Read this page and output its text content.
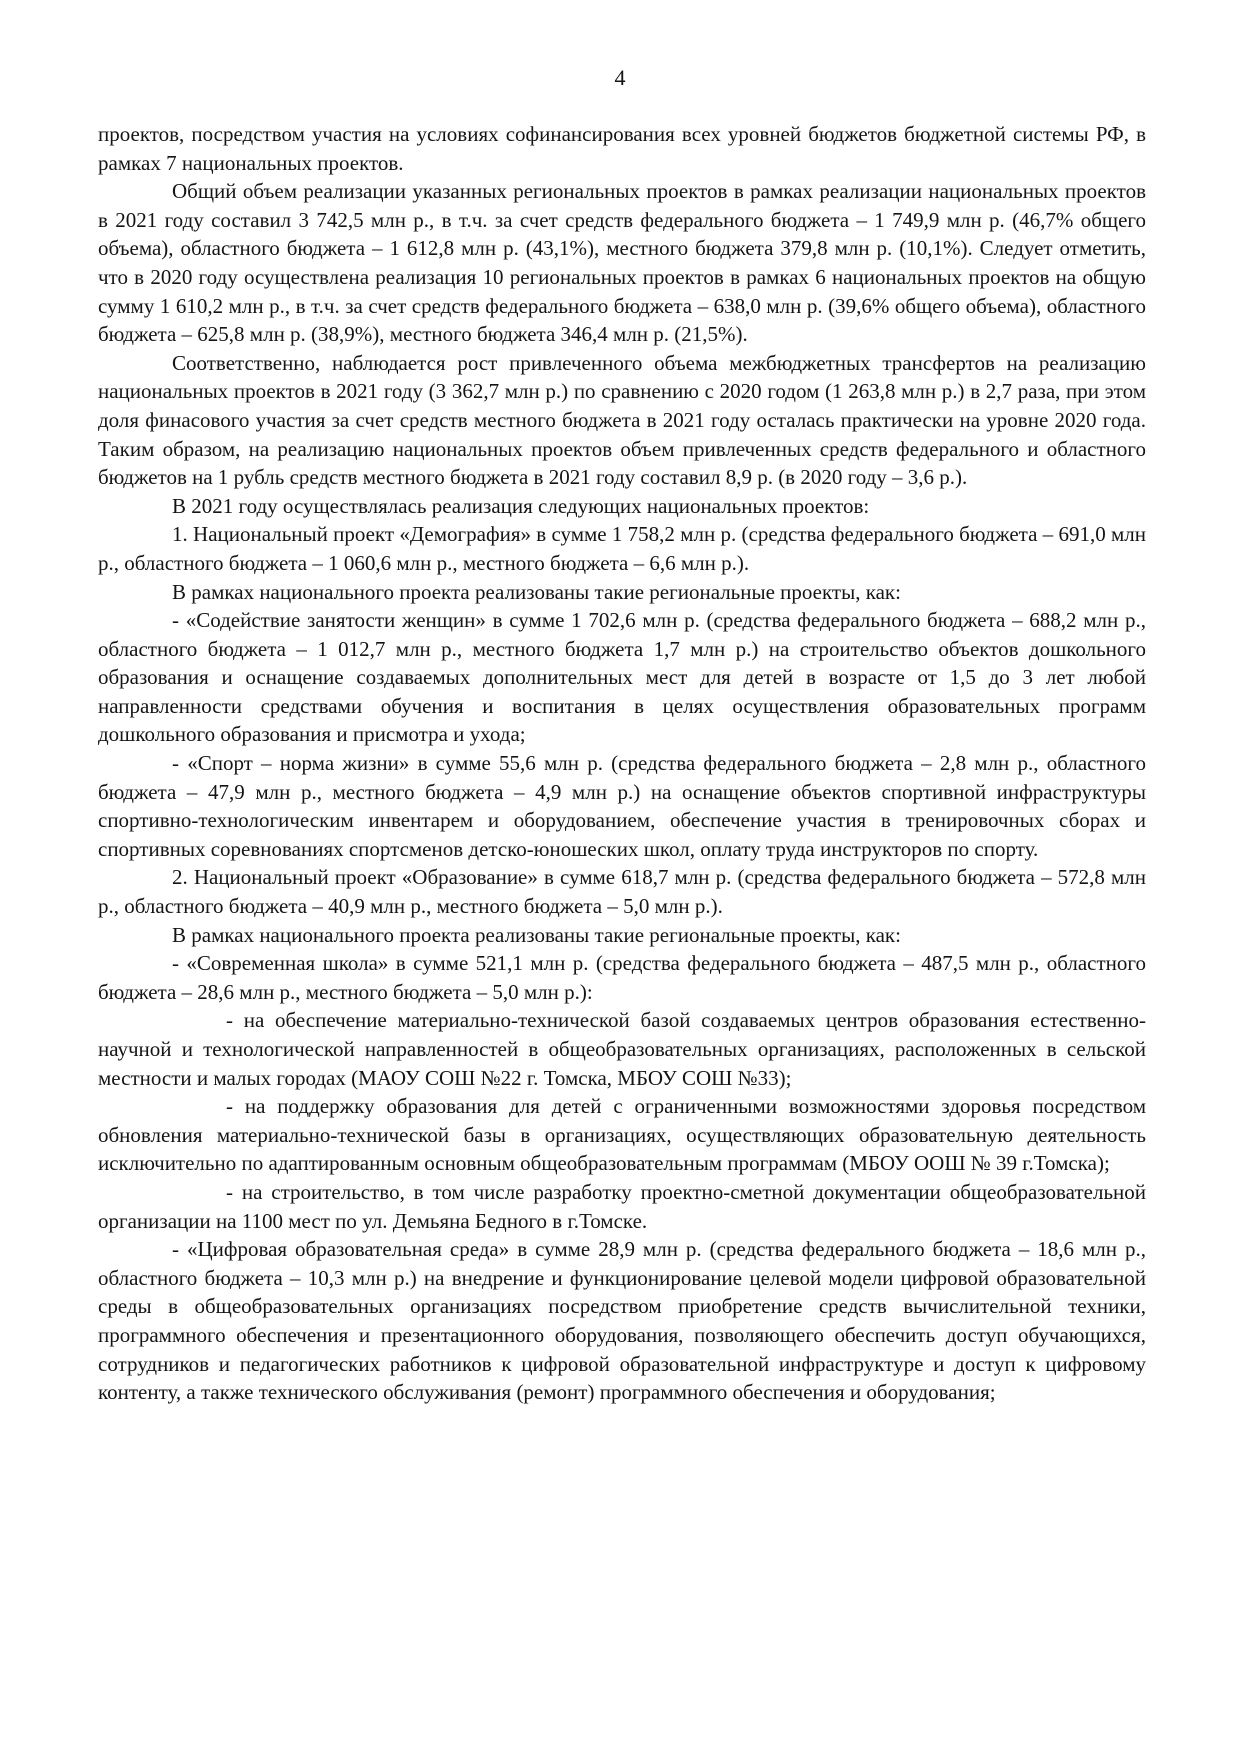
4

проектов, посредством участия на условиях софинансирования всех уровней бюджетов бюджетной системы РФ, в рамках 7 национальных проектов.

Общий объем реализации указанных региональных проектов в рамках реализации национальных проектов в 2021 году составил 3 742,5 млн р., в т.ч. за счет средств федерального бюджета – 1 749,9 млн р. (46,7% общего объема), областного бюджета – 1 612,8 млн р. (43,1%), местного бюджета 379,8 млн р. (10,1%). Следует отметить, что в 2020 году осуществлена реализация 10 региональных проектов в рамках 6 национальных проектов на общую сумму 1 610,2 млн р., в т.ч. за счет средств федерального бюджета – 638,0 млн р. (39,6% общего объема), областного бюджета – 625,8 млн р. (38,9%), местного бюджета 346,4 млн р. (21,5%).

Соответственно, наблюдается рост привлеченного объема межбюджетных трансфертов на реализацию национальных проектов в 2021 году (3 362,7 млн р.) по сравнению с 2020 годом (1 263,8 млн р.) в 2,7 раза, при этом доля финасового участия за счет средств местного бюджета в 2021 году осталась практически на уровне 2020 года. Таким образом, на реализацию национальных проектов объем привлеченных средств федерального и областного бюджетов на 1 рубль средств местного бюджета в 2021 году составил 8,9 р. (в 2020 году – 3,6 р.).

В 2021 году осуществлялась реализация следующих национальных проектов:

1. Национальный проект «Демография» в сумме 1 758,2 млн р. (средства федерального бюджета – 691,0 млн р., областного бюджета – 1 060,6 млн р., местного бюджета – 6,6 млн р.).

В рамках национального проекта реализованы такие региональные проекты, как:

- «Содействие занятости женщин» в сумме 1 702,6 млн р. (средства федерального бюджета – 688,2 млн р., областного бюджета – 1 012,7 млн р., местного бюджета 1,7 млн р.) на строительство объектов дошкольного образования и оснащение создаваемых дополнительных мест для детей в возрасте от 1,5 до 3 лет любой направленности средствами обучения и воспитания в целях осуществления образовательных программ дошкольного образования и присмотра и ухода;

- «Спорт – норма жизни» в сумме 55,6 млн р. (средства федерального бюджета – 2,8 млн р., областного бюджета – 47,9 млн р., местного бюджета – 4,9 млн р.) на оснащение объектов спортивной инфраструктуры спортивно-технологическим инвентарем и оборудованием, обеспечение участия в тренировочных сборах и спортивных соревнованиях спортсменов детско-юношеских школ, оплату труда инструкторов по спорту.

2. Национальный проект «Образование» в сумме 618,7 млн р. (средства федерального бюджета – 572,8 млн р., областного бюджета – 40,9 млн р., местного бюджета – 5,0 млн р.).

В рамках национального проекта реализованы такие региональные проекты, как:

- «Современная школа» в сумме 521,1 млн р. (средства федерального бюджета – 487,5 млн р., областного бюджета – 28,6 млн р., местного бюджета – 5,0 млн р.):

- на обеспечение материально-технической базой создаваемых центров образования естественно-научной и технологической направленностей в общеобразовательных организациях, расположенных в сельской местности и малых городах (МАОУ СОШ №22 г. Томска, МБОУ СОШ №33);

- на поддержку образования для детей с ограниченными возможностями здоровья посредством обновления материально-технической базы в организациях, осуществляющих образовательную деятельность исключительно по адаптированным основным общеобразовательным программам (МБОУ ООШ № 39 г.Томска);

- на строительство, в том числе разработку проектно-сметной документации общеобразовательной организации на 1100 мест по ул. Демьяна Бедного в г.Томске.

- «Цифровая образовательная среда» в сумме 28,9 млн р. (средства федерального бюджета – 18,6 млн р., областного бюджета – 10,3 млн р.) на внедрение и функционирование целевой модели цифровой образовательной среды в общеобразовательных организациях посредством приобретение средств вычислительной техники, программного обеспечения и презентационного оборудования, позволяющего обеспечить доступ обучающихся, сотрудников и педагогических работников к цифровой образовательной инфраструктуре и доступ к цифровому контенту, а также технического обслуживания (ремонт) программного обеспечения и оборудования;
